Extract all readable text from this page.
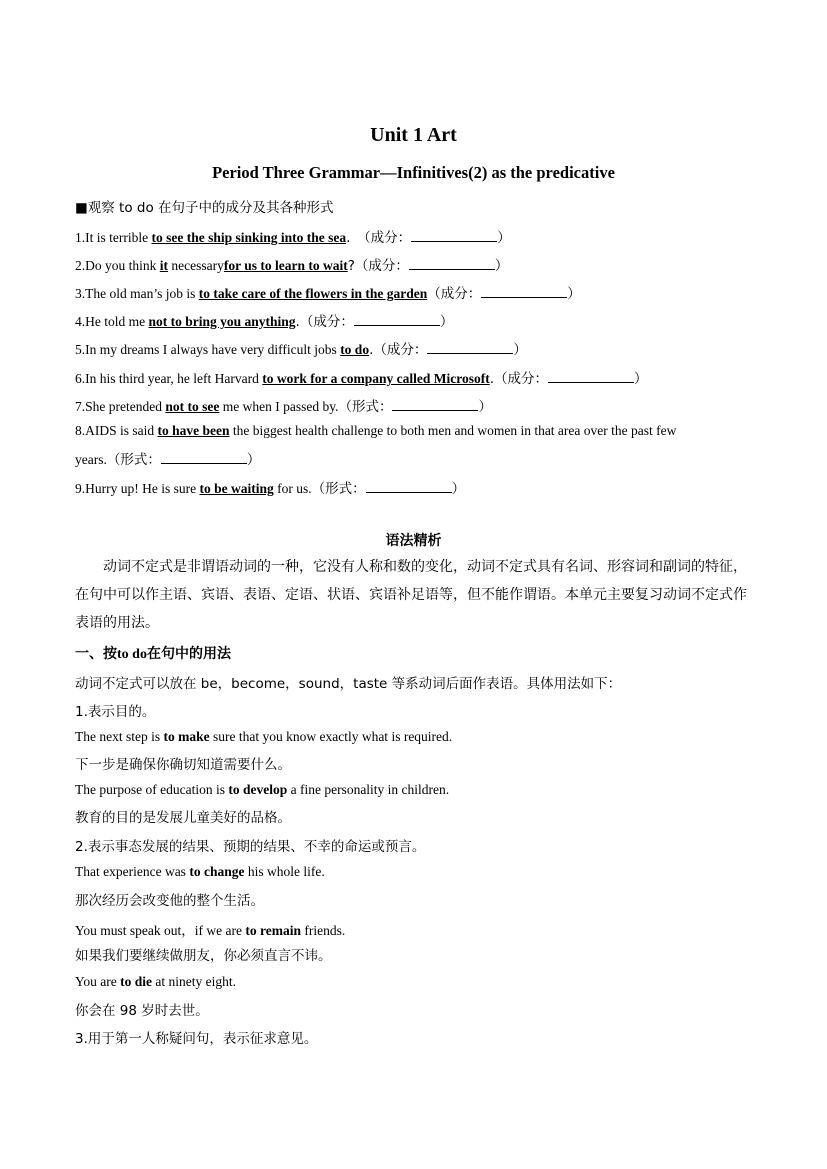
Unit 1 Art
Period Three Grammar—Infinitives(2) as the predicative
■观察 to do 在句子中的成分及其各种形式
1.It is terrible to see the ship sinking into the sea.　（成分：	）
2.Do you think it necessaryfor us to learn to wait?（成分：	）
3.The old man’s job is to take care of the flowers in the garden（成分：	）
4.He told me not to bring you anything.（成分：	）
5.In my dreams I always have very difficult jobs to do.（成分：	）
6.In his third year, he left Harvard to work for a company called Microsoft.（成分：	）
7.She pretended not to see me when I passed by.（形式：	）
8.AIDS is said to have been the biggest health challenge to both men and women in that area over the past few
years.（形式：	）
9.Hurry up! He is sure to be waiting for us.（形式：	）
语法精析
动词不定式是非谓语动词的一种，它没有人称和数的变化，动词不定式具有名词、形容词和副词的特征，在句中可以作主语、宾语、表语、定语、状语、宾语补足语等，但不能作谓语。本单元主要复习动词不定式作表语的用法。
一、按to do在句中的用法
动词不定式可以放在 be，become，sound，taste 等系动词后面作表语。具体用法如下：
1.表示目的。
The next step is to make sure that you know exactly what is required.
下一步是确保你确切知道需要什么。
The purpose of education is to develop a fine personality in children.
教育的目的是发展儿童美好的品格。
2.表示事态发展的结果、预期的结果、不幸的命运或预言。
That experience was to change his whole life.
那次经历会改变他的整个生活。
You must speak out，if we are to remain friends.
如果我们要继续做朋友，你必须直言不讳。
You are to die at ninety eight.
你会在 98 岁时去世。
3.用于第一人称疑问句，表示征求意见。
